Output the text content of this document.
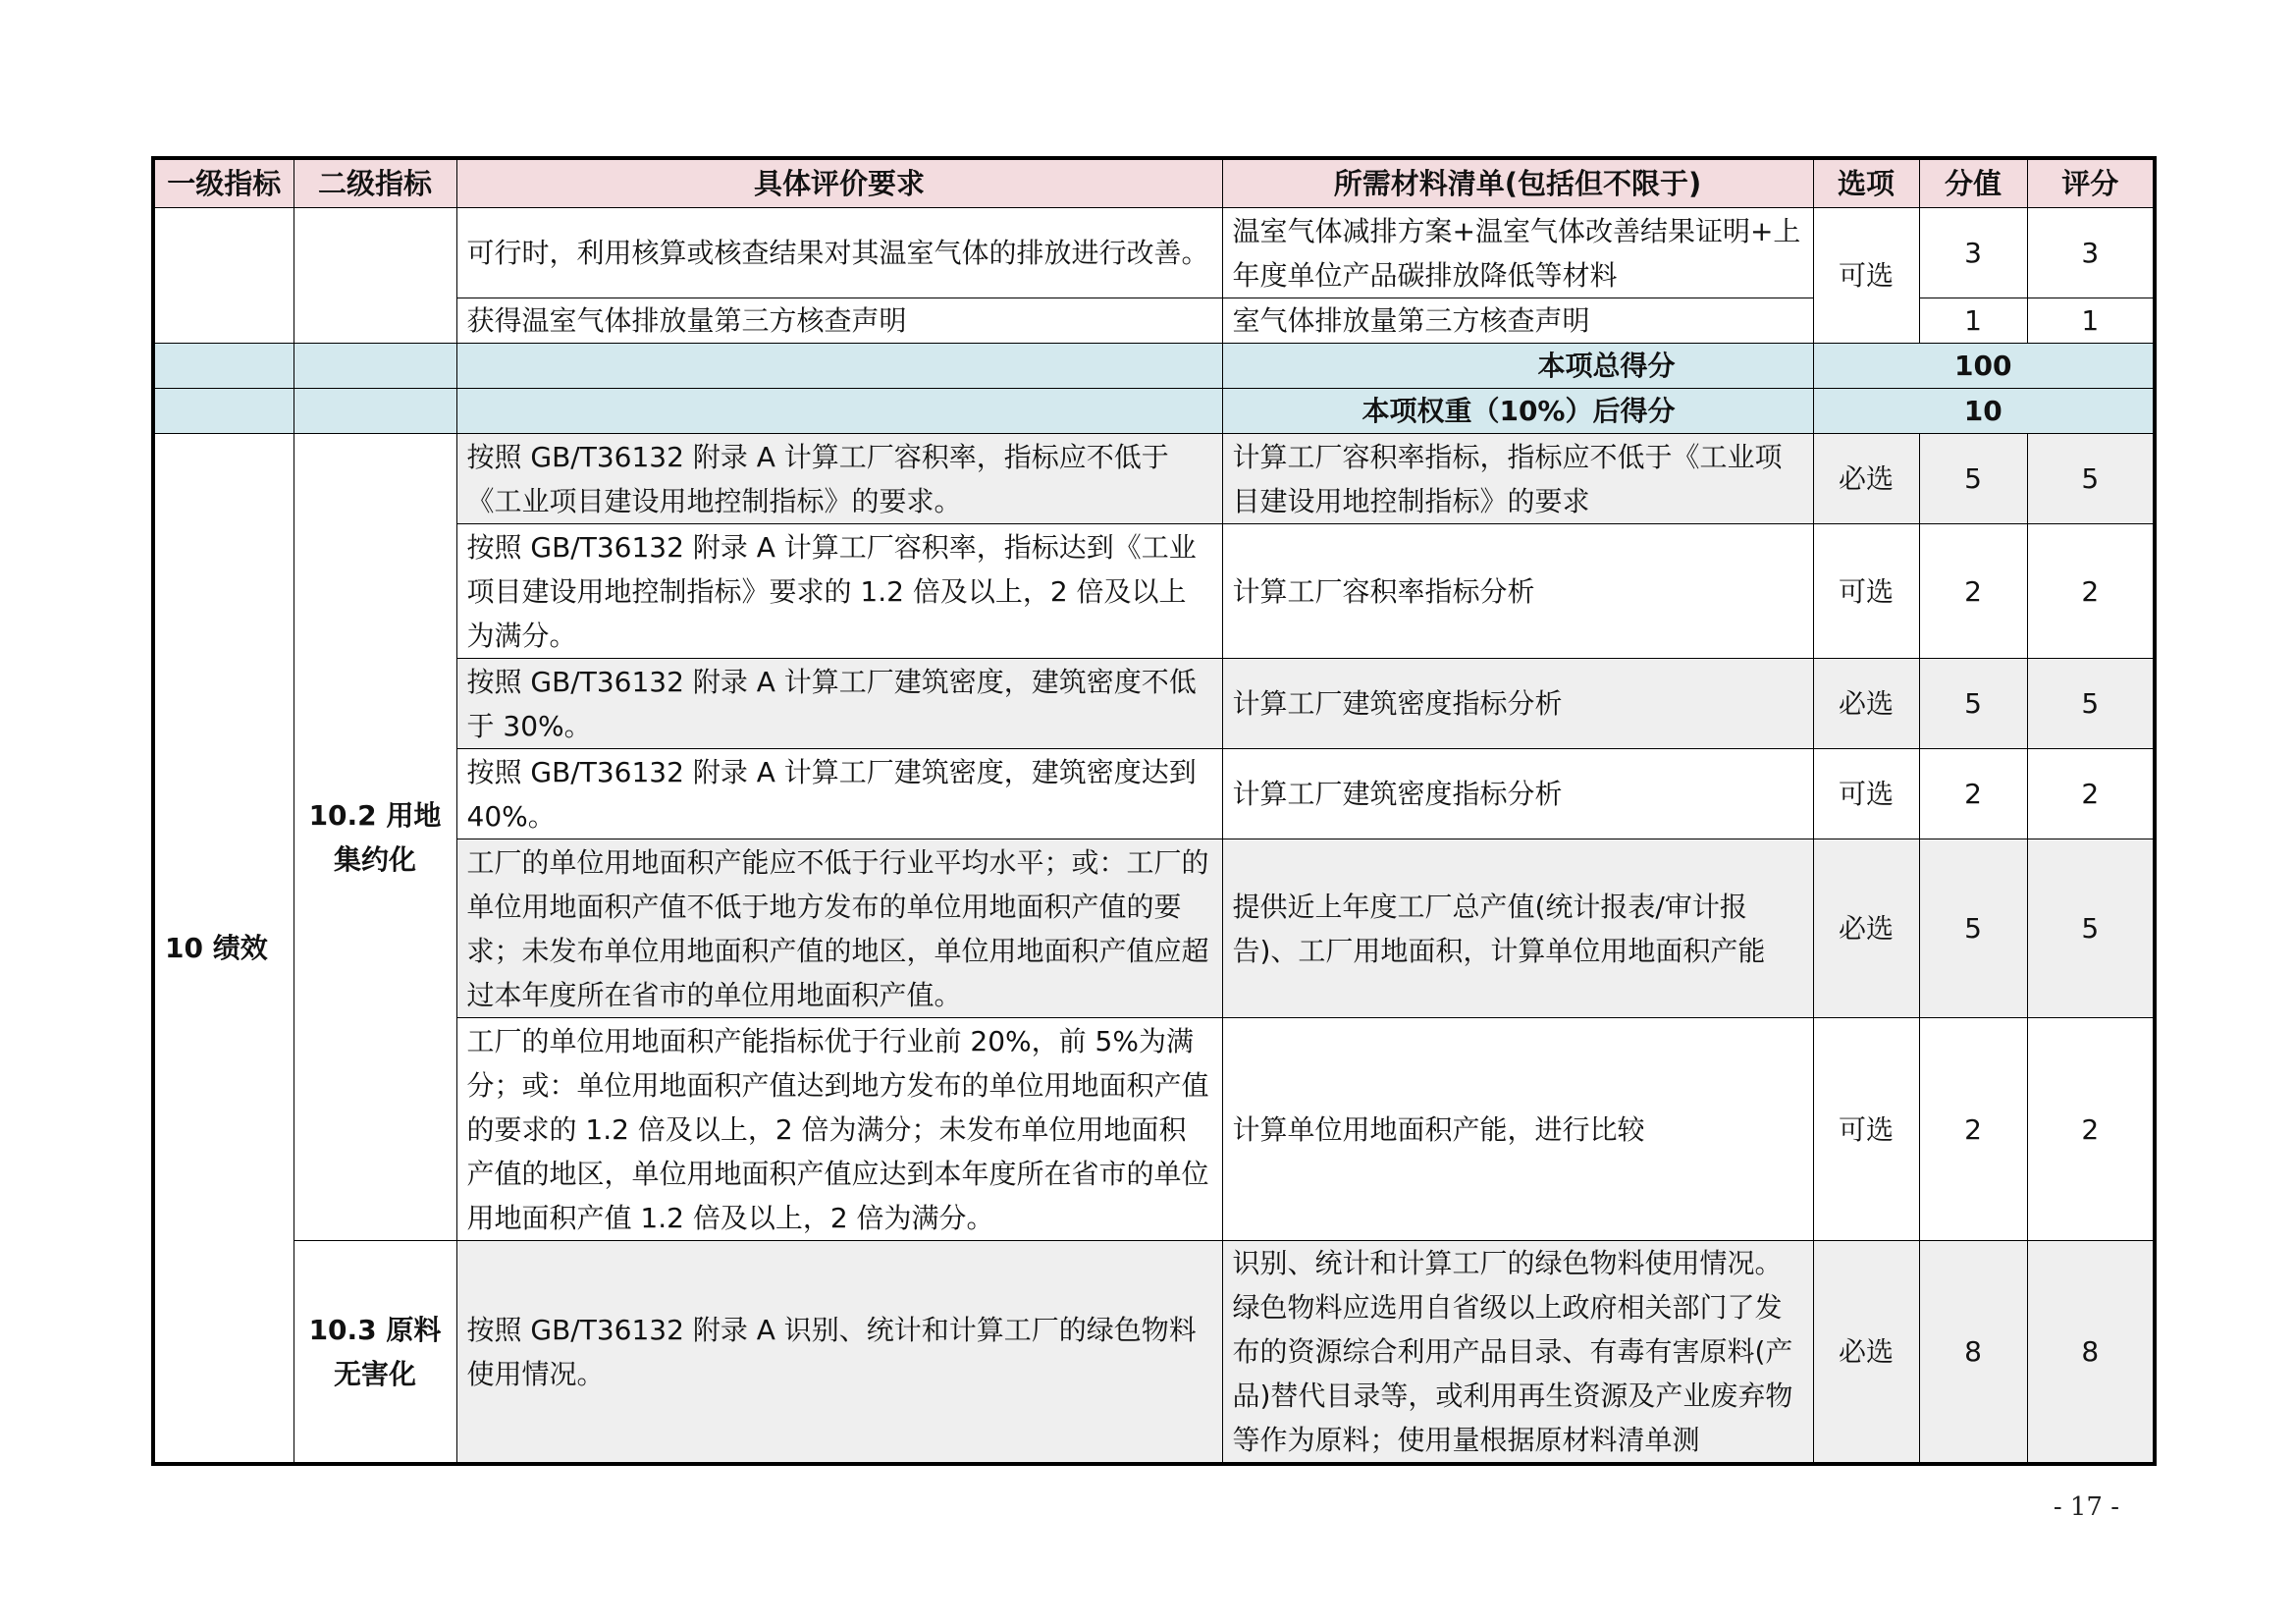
一级指标	二级指标	具体评价要求	所需材料清单(包括但不限于)	选项	分值	评分
		可行时，利用核算或核查结果对其温室气体的排放进行改善。	温室气体减排方案+温室气体改善结果证明+上年度单位产品碳排放降低等材料	可选	3	3
		获得温室气体排放量第三方核查声明	室气体排放量第三方核查声明		1	1
			本项总得分	100		
			本项权重（10%）后得分	10		
10 绩效	10.2 用地集约化	按照 GB/T36132 附录 A 计算工厂容积率，指标应不低于《工业项目建设用地控制指标》的要求。	计算工厂容积率指标，指标应不低于《工业项目建设用地控制指标》的要求	必选	5	5
		按照 GB/T36132 附录 A 计算工厂容积率，指标达到《工业项目建设用地控制指标》要求的 1.2 倍及以上，2 倍及以上为满分。	计算工厂容积率指标分析	可选	2	2
		按照 GB/T36132 附录 A 计算工厂建筑密度，建筑密度不低于 30%。	计算工厂建筑密度指标分析	必选	5	5
		按照 GB/T36132 附录 A 计算工厂建筑密度，建筑密度达到 40%。	计算工厂建筑密度指标分析	可选	2	2
		工厂的单位用地面积产能应不低于行业平均水平；或：工厂的单位用地面积产值不低于地方发布的单位用地面积产值的要求；未发布单位用地面积产值的地区，单位用地面积产值应超过本年度所在省市的单位用地面积产值。	提供近上年度工厂总产值(统计报表/审计报告)、工厂用地面积，计算单位用地面积产能	必选	5	5
		工厂的单位用地面积产能指标优于行业前 20%，前 5%为满分；或：单位用地面积产值达到地方发布的单位用地面积产值的要求的 1.2 倍及以上，2 倍为满分；未发布单位用地面积产值的地区，单位用地面积产值应达到本年度所在省市的单位用地面积产值 1.2 倍及以上，2 倍为满分。	计算单位用地面积产能，进行比较	可选	2	2
	10.3 原料无害化	按照 GB/T36132 附录 A 识别、统计和计算工厂的绿色物料使用情况。	识别、统计和计算工厂的绿色物料使用情况。绿色物料应选用自省级以上政府相关部门了发布的资源综合利用产品目录、有毒有害原料(产品)替代目录等，或利用再生资源及产业废弃物等作为原料；使用量根据原材料清单测	必选	8	8
- 17 -
